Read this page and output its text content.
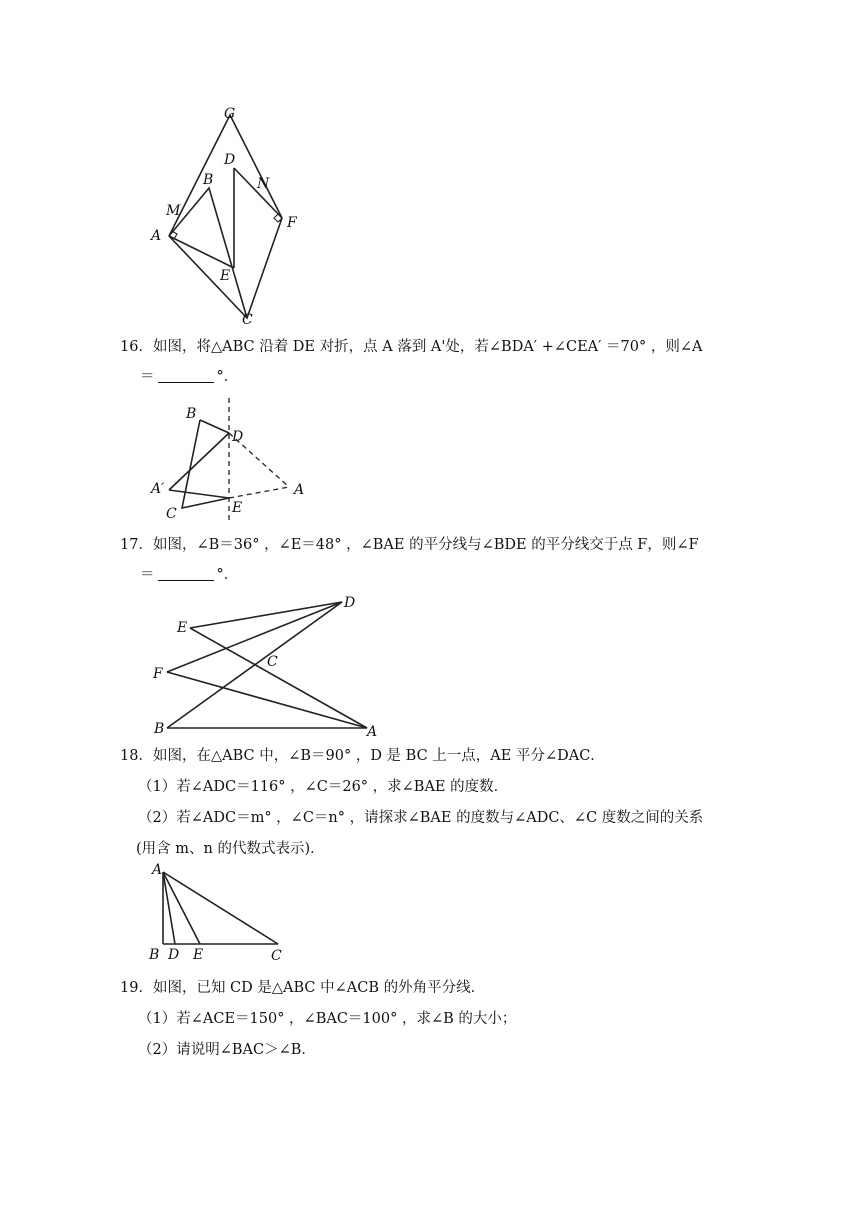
G
D
B	N
M
F
A
E
C
16．如图，将△ABC 沿着 DE 对折，点 A 落到 A'处，若∠BDA′ +∠CEA′ ＝70° ，则∠A
＝	°．
B
D
A′	A
C	E
17．如图，∠B＝36° ，∠E＝48° ，∠BAE 的平分线与∠BDE 的平分线交于点 F，则∠F
＝	°．
D
E
C
F
B	A
18．如图，在△ABC 中，∠B＝90° ，D 是 BC 上一点，AE 平分∠DAC．
（1）若∠ADC＝116° ，∠C＝26° ，求∠BAE 的度数．
（2）若∠ADC＝m° ，∠C＝n° ，请探求∠BAE 的度数与∠ADC、∠C 度数之间的关系
(用含 m、n 的代数式表示)．
A
B D E	C
19．如图，已知 CD 是△ABC 中∠ACB 的外角平分线．
（1）若∠ACE＝150° ，∠BAC＝100° ，求∠B 的大小；
（2）请说明∠BAC＞∠B．
